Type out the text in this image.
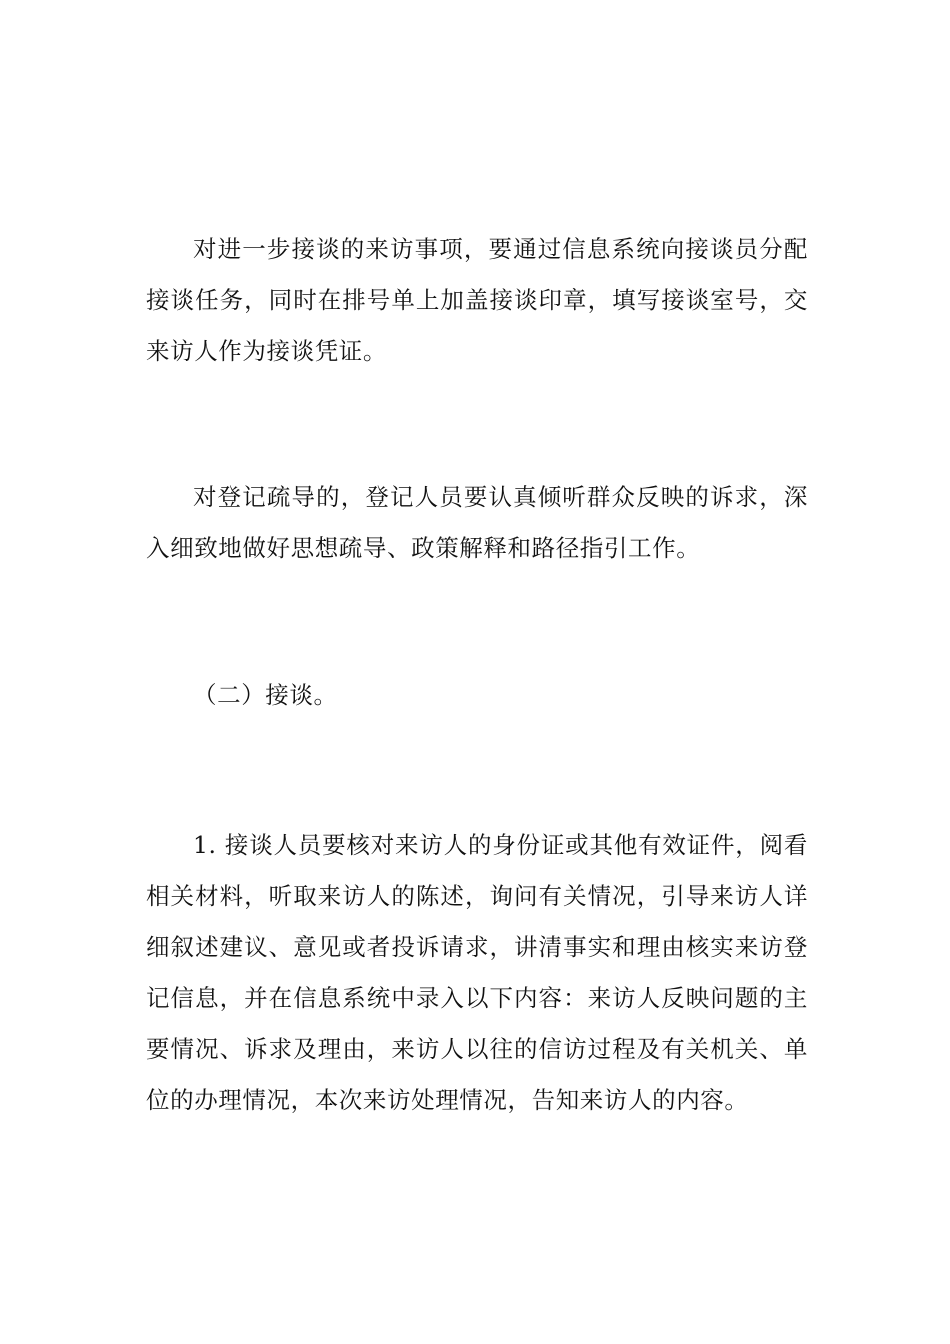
对进一步接谈的来访事项，要通过信息系统向接谈员分配接谈任务，同时在排号单上加盖接谈印章，填写接谈室号，交来访人作为接谈凭证。

对登记疏导的，登记人员要认真倾听群众反映的诉求，深入细致地做好思想疏导、政策解释和路径指引工作。

（二）接谈。

1. 接谈人员要核对来访人的身份证或其他有效证件，阅看相关材料，听取来访人的陈述，询问有关情况，引导来访人详细叙述建议、意见或者投诉请求，讲清事实和理由核实来访登记信息，并在信息系统中录入以下内容：来访人反映问题的主要情况、诉求及理由，来访人以往的信访过程及有关机关、单位的办理情况，本次来访处理情况，告知来访人的内容。
